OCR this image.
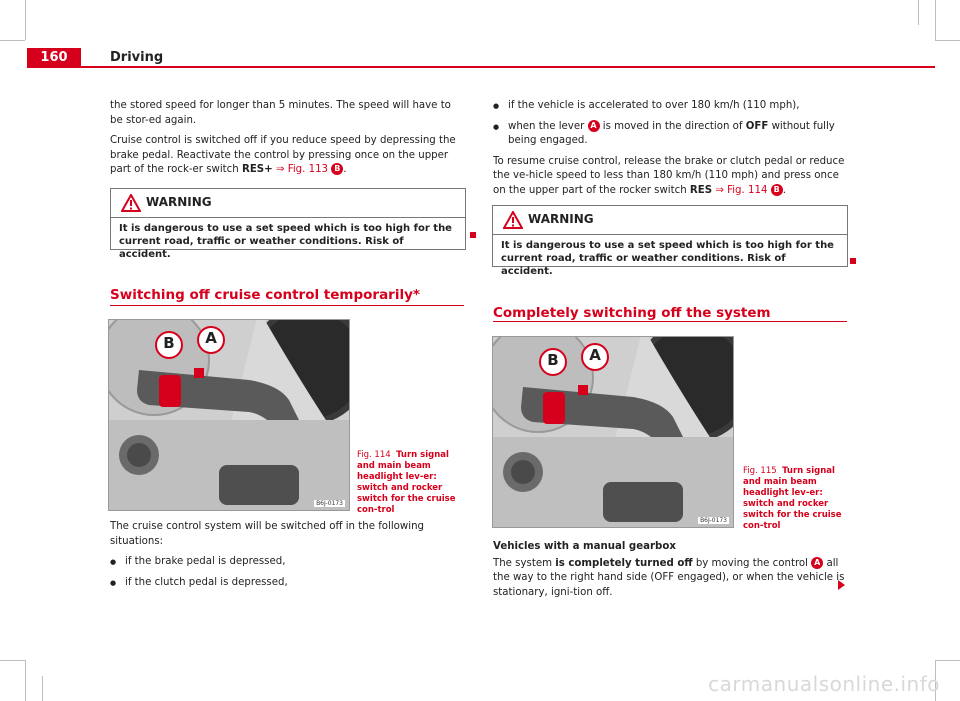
160	Driving

the stored speed for longer than 5 minutes. The speed will have to be stor-ed again.

Cruise control is switched off if you reduce speed by depressing the brake pedal. Reactivate the control by pressing once on the upper part of the rock-er switch RES+ ⇒ Fig. 113 B .

WARNING
It is dangerous to use a set speed which is too high for the current road, traffic or weather conditions. Risk of accident.
Switching off cruise control temporarily*
B A
B6J-0173
Fig. 114 Turn signal and main beam headlight lev-er: switch and rocker switch for the cruise con-trol

The cruise control system will be switched off in the following situations:

● if the brake pedal is depressed,
● if the clutch pedal is depressed,
● if the vehicle is accelerated to over 180 km/h (110 mph),
● when the lever A is moved in the direction of OFF without fully being engaged.

To resume cruise control, release the brake or clutch pedal or reduce the ve-hicle speed to less than 180 km/h (110 mph) and press once on the upper part of the rocker switch RES ⇒ Fig. 114 B .

WARNING
It is dangerous to use a set speed which is too high for the current road, traffic or weather conditions. Risk of accident.
Completely switching off the system
B A
B6J-0173
Fig. 115 Turn signal and main beam headlight lev-er: switch and rocker switch for the cruise con-trol

Vehicles with a manual gearbox

The system is completely turned off by moving the control A all the way to the right hand side (OFF engaged), or when the vehicle is stationary, igni-tion off.

carmanualsonline.info
